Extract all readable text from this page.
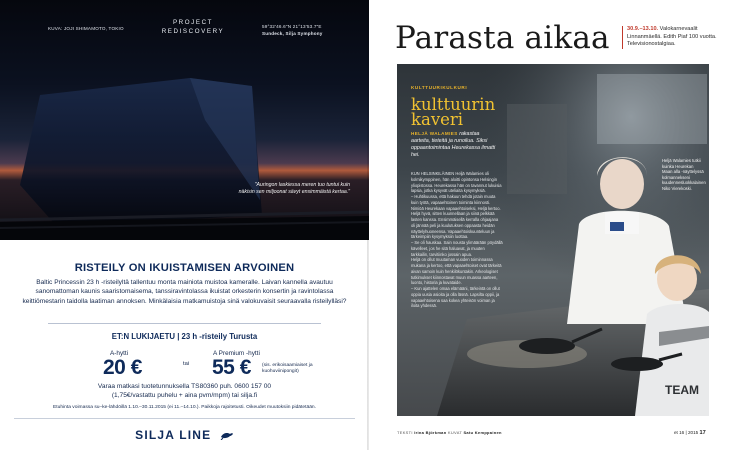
KUVA: JOJI SHIMAMOTO, TOKIO
PROJECT
REDISCOVERY
59°32'46.6"N 21°13'53.7"E
Sundeck, Silja Symphony
"Auringon laskiessa meren tuo tuntui kuin näkisin sen miljoonat sävyt ensimmäistä kertaa."
RISTEILY ON IKUISTAMISEN ARVOINEN
Baltic Princessin 23 h -risteilyltä tallentuu monta mainiota muistoa kameralle. Laivan kannella avautuu sanomattoman kaunis saaristomaisema, tanssiravintolassa ikuistat orkesterin konsertin ja ravintolassa keittiömestarin taidolla laatiman annoksen. Minkälaisia matkamuistoja sinä valokuvaisit seuraavalla risteilylläsi?
ET:N LUKIJAETU | 23 h -risteily Turusta
A-hytti
20 €	tai
A Premium -hytti
55 € (sis. erikoisaamiaiset ja kuohuviinipongit)
Varaa matkasi tuotetunnuksella TS80360 puh. 0600 157 00
(1,75€/vastattu puhelu + aina pvm/mpm) tai silja.fi
Etuhinta voimassa su–ke-lähdöillä 1.10.–30.11.2015 (ei 11.–14.10.). Paikkoja rajoitetusti. Oikeudet muutoksiin pidätetään.
SILJA LINE
Parasta aikaa	30.9.–13.10. Valokarnevaalit Linnanmäellä. Edith Piaf 100 vuotta. Televisionostalgiaa.
TEAM
KULTTUURIKULKURI
kulttuurin
kaveri
HELJÄ WALAMIES rakastaa aarteita, tieteitä ja runoilua. Siksi oppaantoimintaa Heurekassa ilmatti hei.

KUN HELSINKILÄINEN Heljä Walamies oli kolmikymppinen, hän aloitti opintonsa Helsingin yliopistossa. Heurekassa hän on tavannut lukuisia lapsia, jotka kysyvät uteliaita kysymyksiä.

– Huhtikuussa, että hakuun tehdä jotain muuta kuin työtä, vapaaehtoinen toiminta kiinnosti. Nimiöä Heurekaan vapaaehtoiseksi, Heljä kertoo.

Heljä hyvä, sitten kuunnellaan ja siinä pelkkää lasten kanssa. Ensimmäisellä kerralla ohjaajana oli jännää peli ja kuulutuksen oppaasta heidän näyttelyhuoneensa. Vapaaehtoiskuunteluun ja tärkeimpiin kysymyksiin luottaa.

– Se oli hauskaa. Sain nousta ylimäärään pöydällä kävelleet, jos he sitä haluavat, ja muuten tarkkailin, tarvitiinko jossain apua.

Heljä on ollut muutaman vuoden toiminnassa mukana ja kertoo, että vapaaehtoiset ovat tärkeitä aivan samoin kuin henkilökuntakin. Arkeologiset tutkimukset kiinnostavat muun muassa aarteen, luonto, historia ja kuvataide.

– Kun ajattelen omaa elämääni, tärkeintä on ollut oppia uusia asioita ja olla läsnä. Lapsilta oppii, ja vapaaehtoisena saa kokea yhteisön voiman ja iloita yhdessä.

Heljä Walamies tutkii kuinka Heurekan Maan alla -näyttelyssä kolmannekseni kuudennesluokkalainen Niko Vierekoski.
TEKSTI Irina Björkman KUVAT Satu Kemppainen	et 16 | 2015 17
